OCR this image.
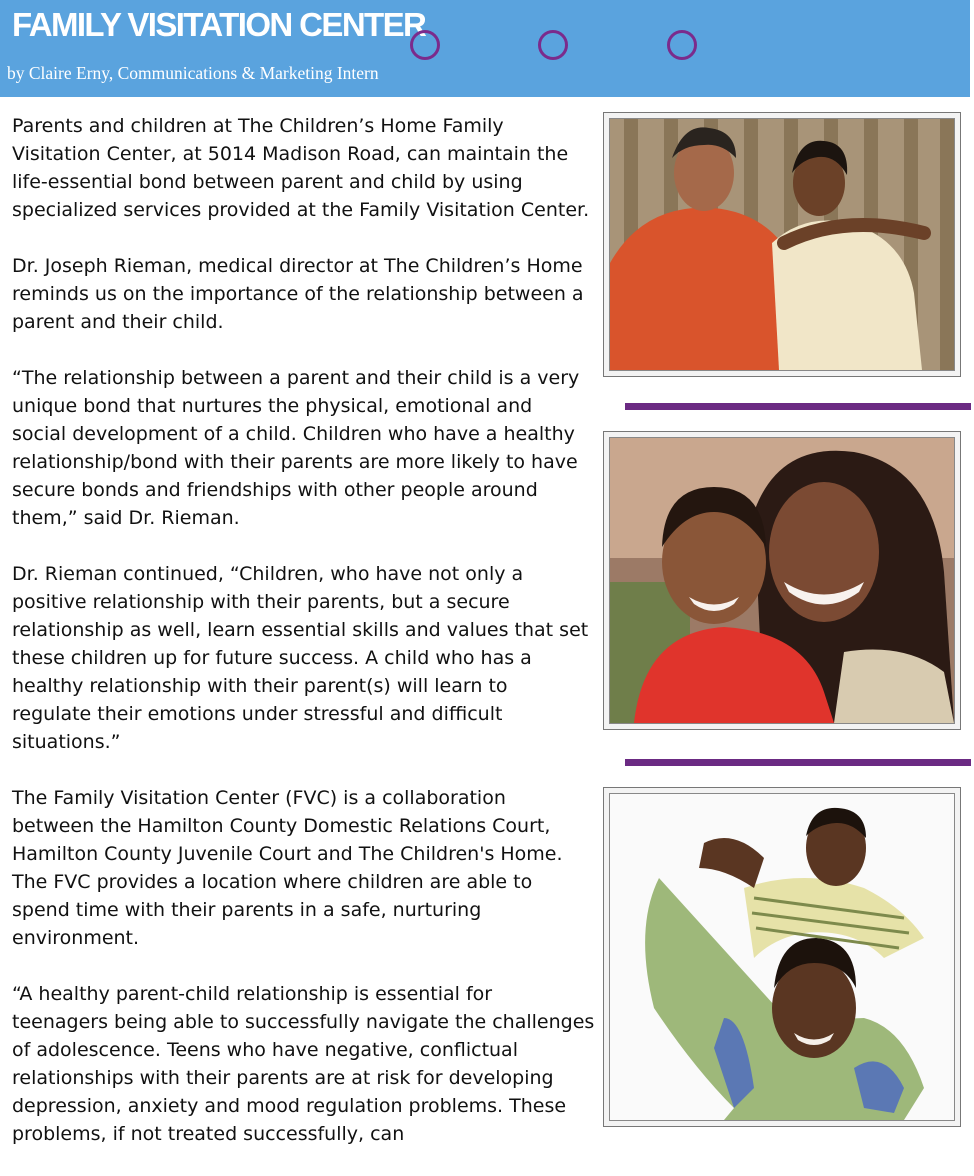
FAMILY VISITATION CENTER
by Claire Erny, Communications & Marketing Intern

Parents and children at The Children’s Home Family
Visitation Center, at 5014 Madison Road, can maintain the
life-essential bond between parent and child by using
specialized services provided at the Family Visitation Center.

Dr. Joseph Rieman, medical director at The Children’s Home
reminds us on the importance of the relationship between a
parent and their child.

“The relationship between a parent and their child is a very
unique bond that nurtures the physical, emotional and
social development of a child. Children who have a healthy
relationship/bond with their parents are more likely to have
secure bonds and friendships with other people around
them,” said Dr. Rieman.

Dr. Rieman continued, “Children, who have not only a
positive relationship with their parents, but a secure
relationship as well, learn essential skills and values that set
these children up for future success. A child who has a
healthy relationship with their parent(s) will learn to
regulate their emotions under stressful and difficult
situations.”

The Family Visitation Center (FVC) is a collaboration
between the Hamilton County Domestic Relations Court,
Hamilton County Juvenile Court and The Children's Home.
The FVC provides a location where children are able to
spend time with their parents in a safe, nurturing
environment.

“A healthy parent-child relationship is essential for
teenagers being able to successfully navigate the challenges
of adolescence. Teens who have negative, conflictual
relationships with their parents are at risk for developing
depression, anxiety and mood regulation problems. These
problems, if not treated successfully, can
